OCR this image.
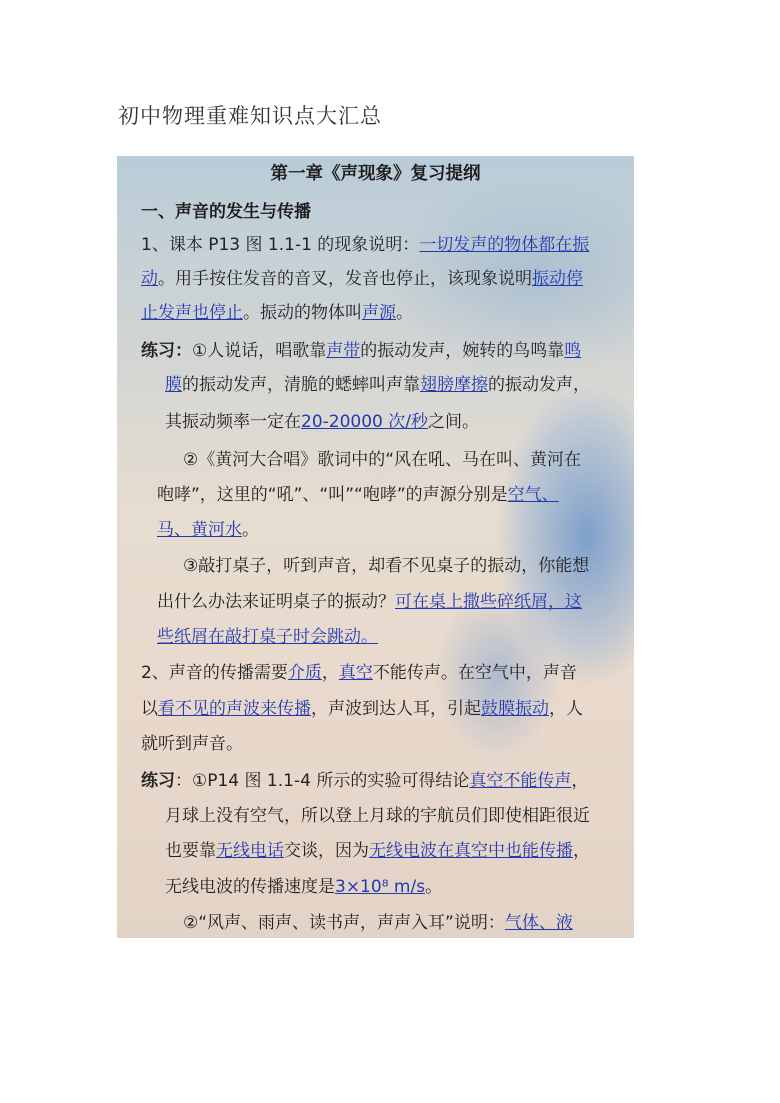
初中物理重难知识点大汇总
第一章《声现象》复习提纲
一、声音的发生与传播
1、课本 P13 图 1.1-1 的现象说明：一切发声的物体都在振
动。用手按住发音的音叉，发音也停止，该现象说明振动停
止发声也停止。振动的物体叫声源。
练习：①人说话，唱歌靠声带的振动发声，婉转的鸟鸣靠鸣
膜的振动发声，清脆的蟋蟀叫声靠翅膀摩擦的振动发声，
其振动频率一定在20-20000 次/秒之间。
②《黄河大合唱》歌词中的“风在吼、马在叫、黄河在
咆哮”，这里的“吼”、“叫”“咆哮”的声源分别是空气、
马、黄河水。
③敲打桌子，听到声音，却看不见桌子的振动，你能想
出什么办法来证明桌子的振动？可在桌上撒些碎纸屑，这
些纸屑在敲打桌子时会跳动。
2、声音的传播需要介质，真空不能传声。在空气中，声音
以看不见的声波来传播，声波到达人耳，引起鼓膜振动，人
就听到声音。
练习：①P14 图 1.1-4 所示的实验可得结论真空不能传声，
月球上没有空气，所以登上月球的宇航员们即使相距很近
也要靠无线电话交谈，因为无线电波在真空中也能传播，
无线电波的传播速度是3×10⁸ m/s。
②“风声、雨声、读书声，声声入耳”说明：气体、液
